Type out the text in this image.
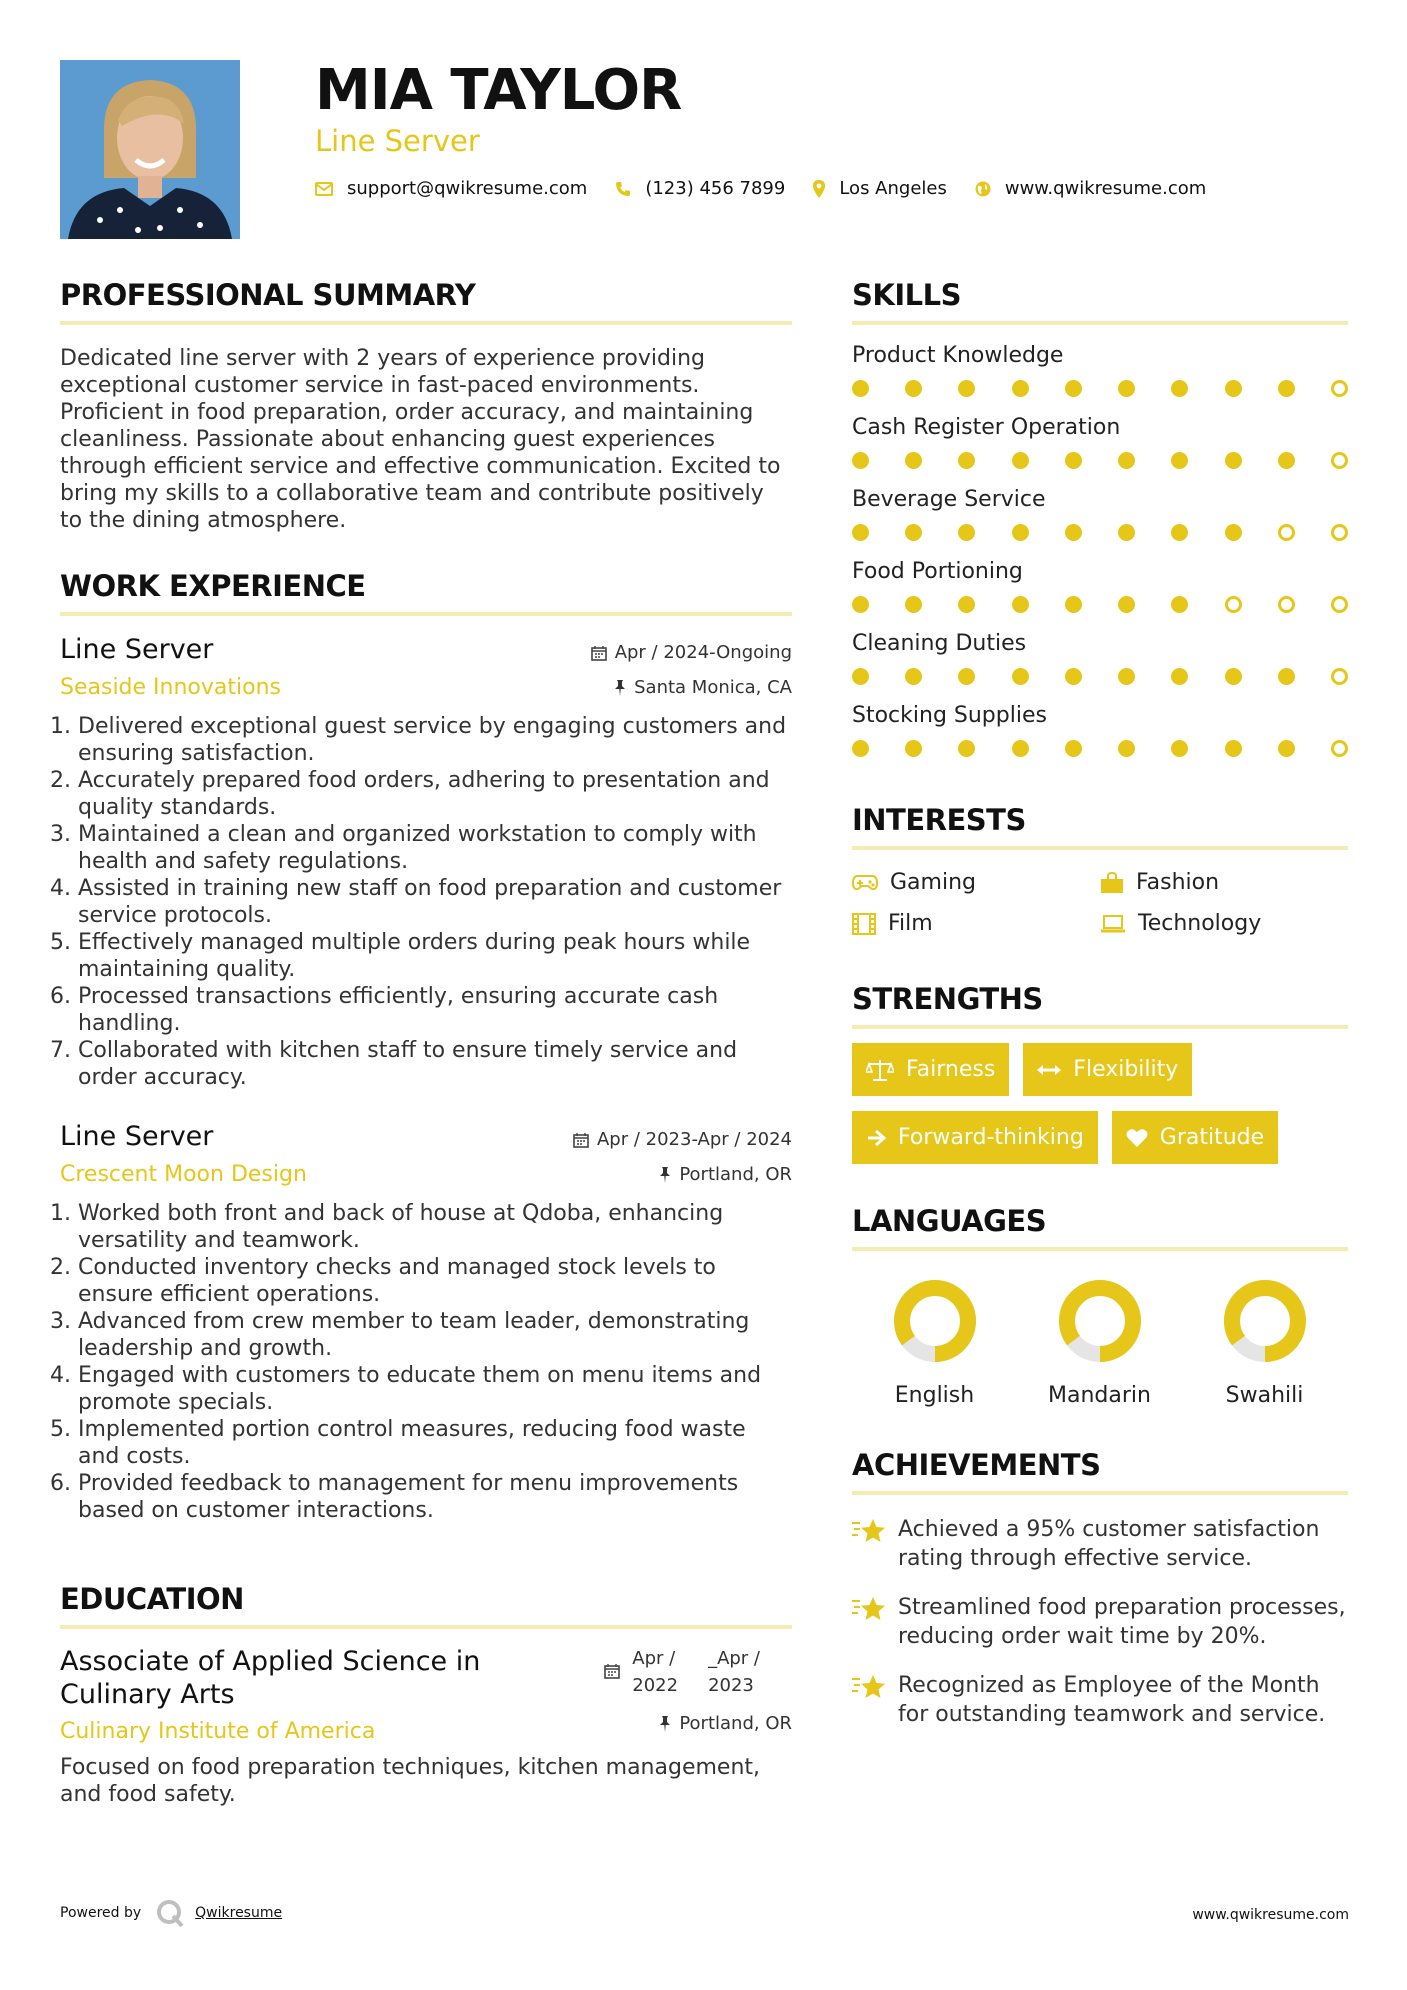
MIA TAYLOR
Line Server
support@qwikresume.com	(123) 456 7899	Los Angeles	www.qwikresume.com
PROFESSIONAL SUMMARY

Dedicated line server with 2 years of experience providing exceptional customer service in fast-paced environments. Proficient in food preparation, order accuracy, and maintaining cleanliness. Passionate about enhancing guest experiences through efficient service and effective communication. Excited to bring my skills to a collaborative team and contribute positively to the dining atmosphere.

WORK EXPERIENCE
Line Server
Seaside Innovations
Apr / 2024-Ongoing
Santa Monica, CA
1. Delivered exceptional guest service by engaging customers and ensuring satisfaction.
2. Accurately prepared food orders, adhering to presentation and quality standards.
3. Maintained a clean and organized workstation to comply with health and safety regulations.
4. Assisted in training new staff on food preparation and customer service protocols.
5. Effectively managed multiple orders during peak hours while maintaining quality.
6. Processed transactions efficiently, ensuring accurate cash handling.
7. Collaborated with kitchen staff to ensure timely service and order accuracy.
Line Server
Crescent Moon Design
Apr / 2023-Apr / 2024
Portland, OR
1. Worked both front and back of house at Qdoba, enhancing versatility and teamwork.
2. Conducted inventory checks and managed stock levels to ensure efficient operations.
3. Advanced from crew member to team leader, demonstrating leadership and growth.
4. Engaged with customers to educate them on menu items and promote specials.
5. Implemented portion control measures, reducing food waste and costs.
6. Provided feedback to management for menu improvements based on customer interactions.
EDUCATION
Associate of Applied Science in Culinary Arts
Culinary Institute of America
Apr /
2022
_Apr /
2023
Portland, OR

Focused on food preparation techniques, kitchen management, and food safety.

SKILLS
Product Knowledge
Cash Register Operation
Beverage Service
Food Portioning
Cleaning Duties
Stocking Supplies
INTERESTS
Gaming	Fashion
Film	Technology
STRENGTHS
Fairness	Flexibility
Forward-thinking	Gratitude
LANGUAGES
English	Mandarin	Swahili
ACHIEVEMENTS
Achieved a 95% customer satisfaction rating through effective service.
Streamlined food preparation processes, reducing order wait time by 20%.
Recognized as Employee of the Month for outstanding teamwork and service.
Powered by	Qwikresume	www.qwikresume.com
